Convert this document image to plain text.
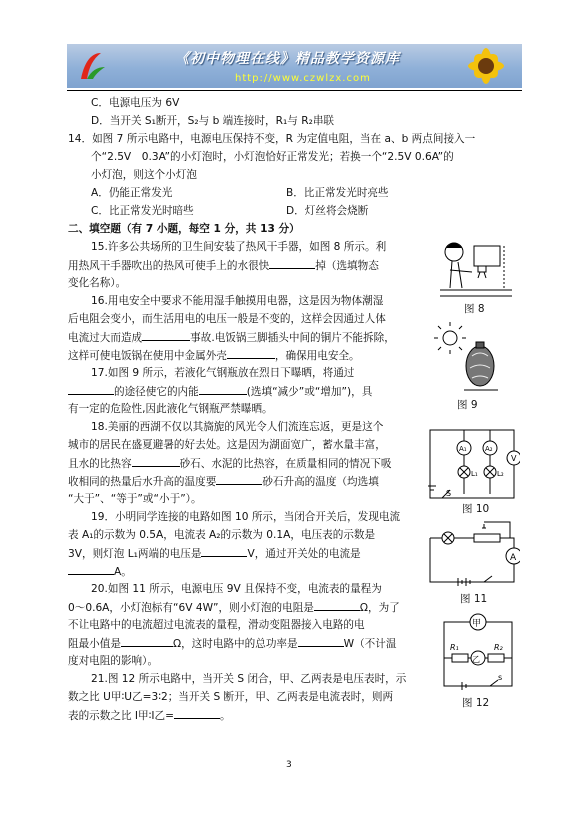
《初中物理在线》精品教学资源库
http://www.czwlzx.com
C．电源电压为 6V
D．当开关 S₁断开，S₂与 b 端连接时，R₁与 R₂串联
14．如图 7 所示电路中，电源电压保持不变，R 为定值电阻，当在 a、b 两点间接入一
个“2.5V　0.3A”的小灯泡时，小灯泡恰好正常发光；若换一个“2.5V 0.6A”的
小灯泡，则这个小灯泡
A．仍能正常发光	B．比正常发光时亮些
C．比正常发光时暗些	D．灯丝将会烧断
二、填空题（有 7 小题，每空 1 分，共 13 分）
15.许多公共场所的卫生间安装了热风干手器，如图 8 所示。利
用热风干手器吹出的热风可使手上的水很快	掉（选填物态
变化名称）。
16.用电安全中要求不能用湿手触摸用电器，这是因为物体潮湿
后电阻会变小，而生活用电的电压一般是不变的，这样会因通过人体
电流过大而造成	事故.电饭锅三脚插头中间的铜片不能拆除，
这样可使电饭锅在使用中金属外壳	，确保用电安全。
17.如图 9 所示，若液化气钢瓶放在烈日下曝晒，将通过
的途径使它的内能	(选填“减少”或“增加”)，具
有一定的危险性,因此液化气钢瓶严禁曝晒。
18.美丽的西湖不仅以其旖旎的风光令人们流连忘返，更是这个
城市的居民在盛夏避暑的好去处。这是因为湖面宽广，蓄水量丰富，
且水的比热容	砂石、水泥的比热容，在质量相同的情况下吸
收相同的热量后水升高的温度要	砂石升高的温度（均选填
“大于”、“等于”或“小于”）。
19．小明同学连接的电路如图 10 所示，当闭合开关后，发现电流
表 A₁的示数为 0.5A，电流表 A₂的示数为 0.1A，电压表的示数是
3V，则灯泡 L₁两端的电压是	V，通过开关处的电流是
A。
20.如图 11 所示，电源电压 9V 且保持不变，电流表的量程为
0～0.6A，小灯泡标有“6V 4W”，则小灯泡的电阻是	Ω，为了
不让电路中的电流超过电流表的量程，滑动变阻器接入电路的电
阻最小值是	Ω，这时电路中的总功率是	W（不计温
度对电阻的影响）。
21.图 12 所示电路中，当开关 S 闭合，甲、乙两表是电压表时，示
数之比 U甲∶U乙=3∶2；当开关 S 断开，甲、乙两表是电流表时，则两
表的示数之比 I甲∶I乙=	。
图 8
图 9
A₁	A₂
V
L₁	L₂
S
图 10
A
图 11
甲
乙
R₁	R₂
s
图 12
3
